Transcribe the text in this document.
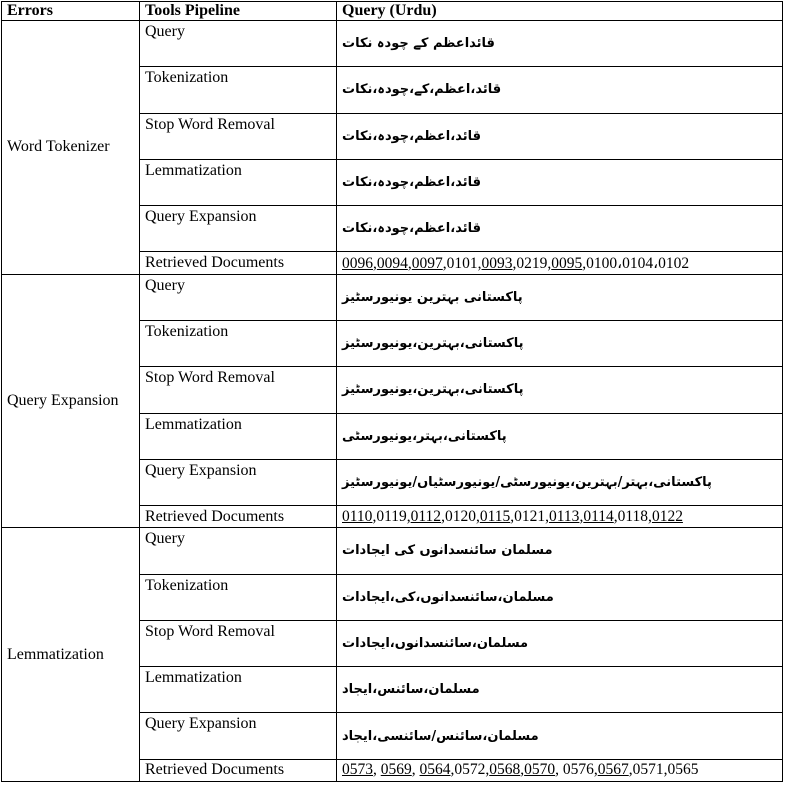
Errors	Tools Pipeline	Query (Urdu)
Word Tokenizer	Query	قائداعظم کے چودہ نکات
	Tokenization	قائد،اعظم،کے،چودہ،نکات
	Stop Word Removal	قائد،اعظم،چودہ،نکات
	Lemmatization	قائد،اعظم،چودہ،نکات
	Query Expansion	قائد،اعظم،چودہ،نکات
	Retrieved Documents	0096,0094,0097,0101,0093,0219,0095,0100،0104،0102
Query Expansion	Query	پاکستانی بہترین یونیورسٹیز
	Tokenization	پاکستانی،بہترین،یونیورسٹیز
	Stop Word Removal	پاکستانی،بہترین،یونیورسٹیز
	Lemmatization	پاکستانی،بہتر،یونیورسٹی
	Query Expansion	پاکستانی،بہتر/بہترین،یونیورسٹی/یونیورسٹیاں/یونیورسٹیز
	Retrieved Documents	0110,0119,0112,0120,0115,0121,0113,0114,0118,0122
Lemmatization	Query	مسلمان سائنسدانوں کی ایجادات
	Tokenization	مسلمان،سائنسدانوں،کی،ایجادات
	Stop Word Removal	مسلمان،سائنسدانوں،ایجادات
	Lemmatization	مسلمان،سائنس،ایجاد
	Query Expansion	مسلمان،سائنس/سائنسی،ایجاد
	Retrieved Documents	0573, 0569, 0564,0572,0568,0570, 0576,0567,0571,0565
